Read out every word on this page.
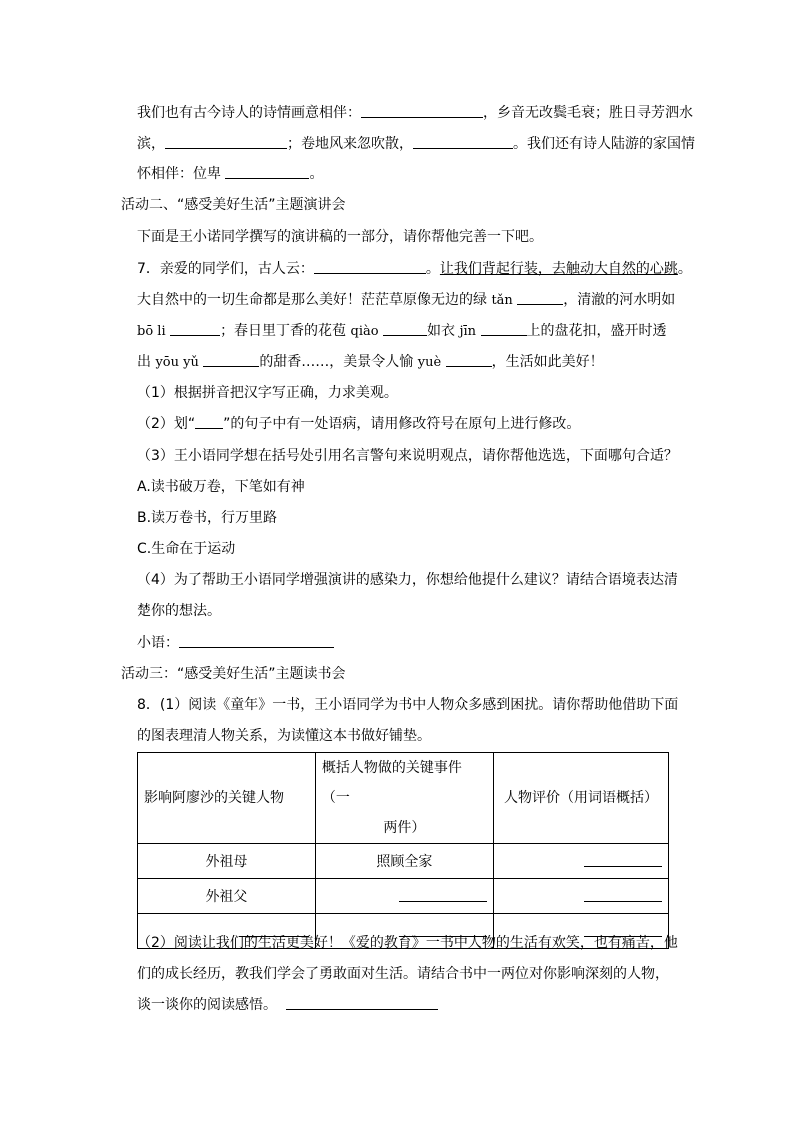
我们也有古今诗人的诗情画意相伴：	，乡音无改鬓毛衰；胜日寻芳泗水
滨，	；卷地风来忽吹散，	。我们还有诗人陆游的家国情
怀相伴：位卑	。
活动二、“感受美好生活”主题演讲会
下面是王小诺同学撰写的演讲稿的一部分，请你帮他完善一下吧。
7．亲爱的同学们，古人云：	。让我们背起行装，去触动大自然的心跳。
大自然中的一切生命都是那么美好！茫茫草原像无边的绿 tǎn	，清澈的河水明如
bō li	；春日里丁香的花苞 qiào	如衣 jīn	上的盘花扣，盛开时透
出 yōu yǔ	的甜香……，美景令人愉 yuè	，生活如此美好！
（1）根据拼音把汉字写正确，力求美观。
（2）划“ ”的句子中有一处语病，请用修改符号在原句上进行修改。
（3）王小语同学想在括号处引用名言警句来说明观点，请你帮他选选，下面哪句合适？
A.读书破万卷，下笔如有神
B.读万卷书，行万里路
C.生命在于运动
（4）为了帮助王小语同学增强演讲的感染力，你想给他提什么建议？请结合语境表达清
楚你的想法。
小语：
活动三：“感受美好生活”主题读书会
8．(1）阅读《童年》一书，王小语同学为书中人物众多感到困扰。请你帮助他借助下面
的图表理清人物关系，为读懂这本书做好铺垫。
影响阿廖沙的关键人物	概括人物做的关键事件（一

两件）	人物评价（用词语概括）

外祖母	照顾全家	
外祖父		

（2）阅读让我们的生活更美好！《爱的教育》一书中人物的生活有欢笑，也有痛苦，他
们的成长经历，教我们学会了勇敢面对生活。请结合书中一两位对你影响深刻的人物，
谈一谈你的阅读感悟。
